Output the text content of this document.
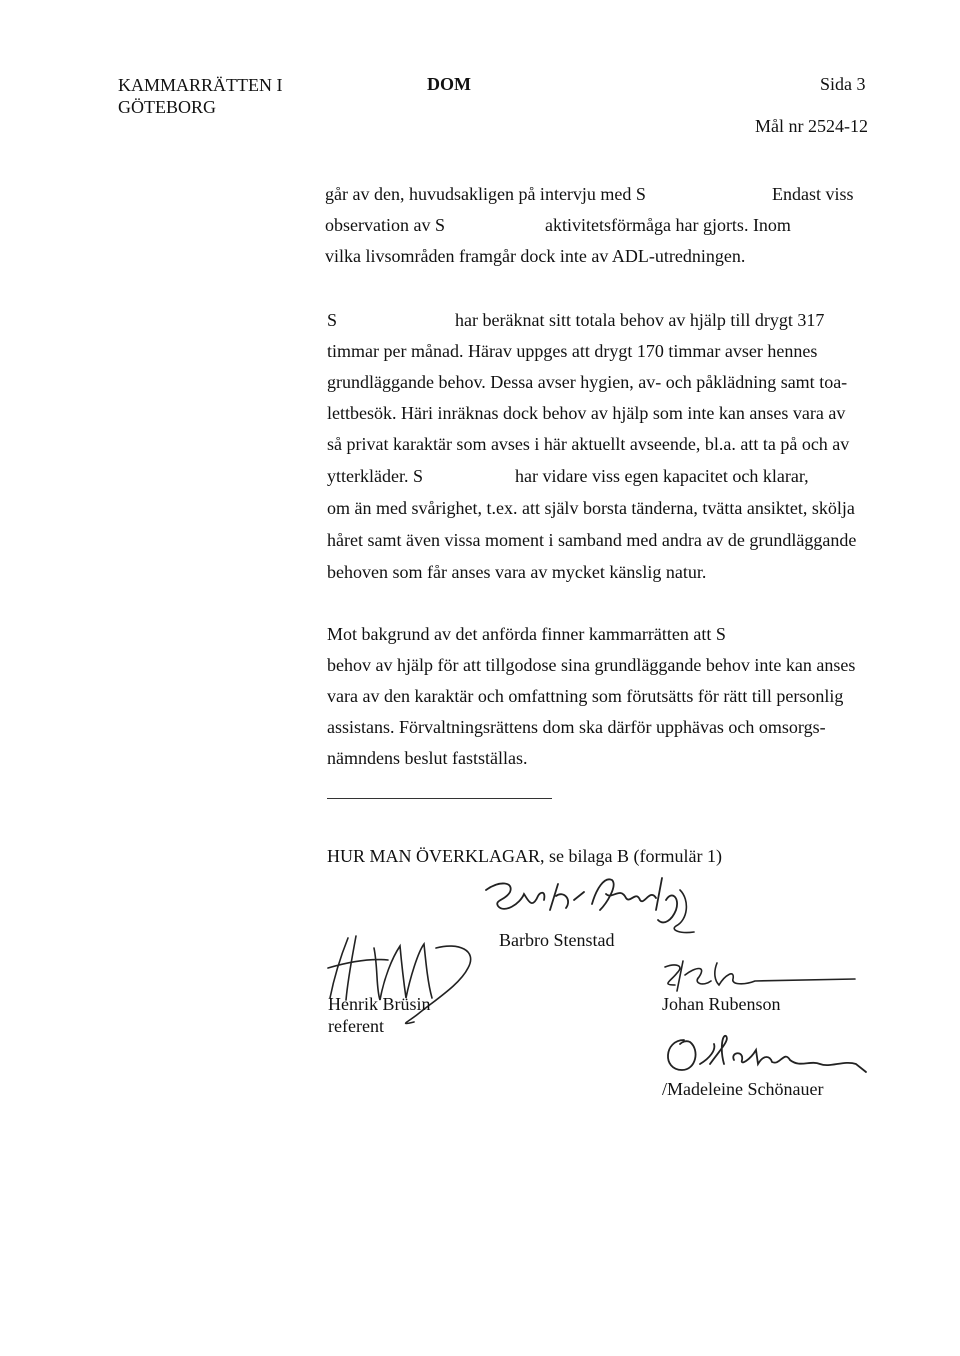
KAMMARRÄTTEN I
GÖTEBORG
DOM	Sida 3
Mål nr 2524-12
går av den, huvudsakligen på intervju med S	Endast viss
observation av S	aktivitetsförmåga har gjorts. Inom
vilka livsområden framgår dock inte av ADL-utredningen.
S	har beräknat sitt totala behov av hjälp till drygt 317
timmar per månad. Härav uppges att drygt 170 timmar avser hennes
grundläggande behov. Dessa avser hygien, av- och påklädning samt toa-
lettbesök. Häri inräknas dock behov av hjälp som inte kan anses vara av
så privat karaktär som avses i här aktuellt avseende, bl.a. att ta på och av
ytterkläder. S	har vidare viss egen kapacitet och klarar,
om än med svårighet, t.ex. att själv borsta tänderna, tvätta ansiktet, skölja
håret samt även vissa moment i samband med andra av de grundläggande
behoven som får anses vara av mycket känslig natur.
Mot bakgrund av det anförda finner kammarrätten att S
behov av hjälp för att tillgodose sina grundläggande behov inte kan anses
vara av den karaktär och omfattning som förutsätts för rätt till personlig
assistans. Förvaltningsrättens dom ska därför upphävas och omsorgs-
nämndens beslut fastställas.
HUR MAN ÖVERKLAGAR, se bilaga B (formulär 1)
Barbro Stenstad
Henrik Brüsin
referent
Johan Rubenson
/Madeleine Schönauer
